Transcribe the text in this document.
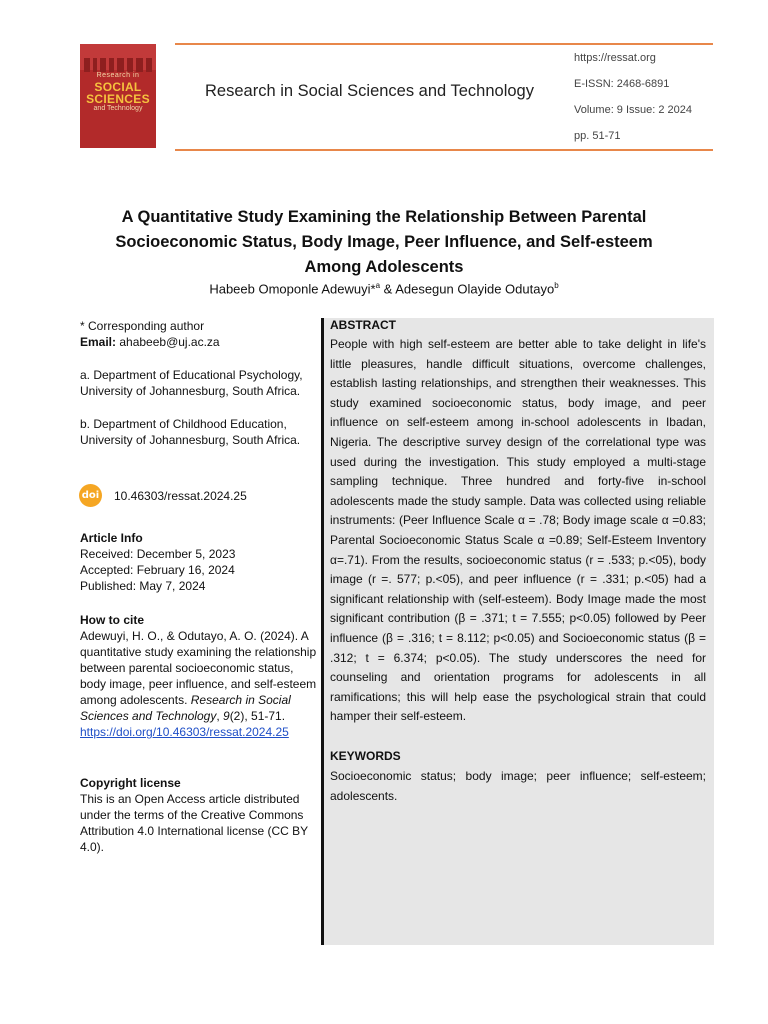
Research in
SOCIAL
SCIENCES
and Technology
Research in Social Sciences and Technology
https://ressat.org
E-ISSN: 2468-6891
Volume: 9 Issue: 2 2024
pp. 51-71
A Quantitative Study Examining the Relationship Between Parental
Socioeconomic Status, Body Image, Peer Influence, and Self-esteem
Among Adolescents
Habeeb Omoponle Adewuyi*$^a$ & Adesegun Olayide Odutayo$^b$
* Corresponding author
Email: ahabeeb@uj.ac.za
a. Department of Educational Psychology, University of Johannesburg, South Africa.
b. Department of Childhood Education, University of Johannesburg, South Africa.
doi 10.46303/ressat.2024.25
Article Info
Received: December 5, 2023
Accepted: February 16, 2024
Published: May 7, 2024
How to cite
Adewuyi, H. O., & Odutayo, A. O. (2024). A quantitative study examining the relationship between parental socioeconomic status, body image, peer influence, and self-esteem among adolescents. Research in Social Sciences and Technology, 9(2), 51-71. https://doi.org/10.46303/ressat.2024.25
Copyright license
This is an Open Access article distributed under the terms of the Creative Commons Attribution 4.0 International license (CC BY 4.0).
ABSTRACT
People with high self-esteem are better able to take delight in life's little pleasures, handle difficult situations, overcome challenges, establish lasting relationships, and strengthen their weaknesses. This study examined socioeconomic status, body image, and peer influence on self-esteem among in-school adolescents in Ibadan, Nigeria. The descriptive survey design of the correlational type was used during the investigation. This study employed a multi-stage sampling technique. Three hundred and forty-five in-school adolescents made the study sample. Data was collected using reliable instruments: (Peer Influence Scale α = .78; Body image scale α =0.83; Parental Socioeconomic Status Scale α =0.89; Self-Esteem Inventory α=.71). From the results, socioeconomic status (r = .533; p.<05), body image (r =. 577; p.<05), and peer influence (r = .331; p.<05) had a significant relationship with (self-esteem). Body Image made the most significant contribution (β = .371; t = 7.555; p<0.05) followed by Peer influence (β = .316; t = 8.112; p<0.05) and Socioeconomic status (β = .312; t = 6.374; p<0.05). The study underscores the need for counseling and orientation programs for adolescents in all ramifications; this will help ease the psychological strain that could hamper their self-esteem.
KEYWORDS
Socioeconomic status; body image; peer influence; self-esteem; adolescents.
